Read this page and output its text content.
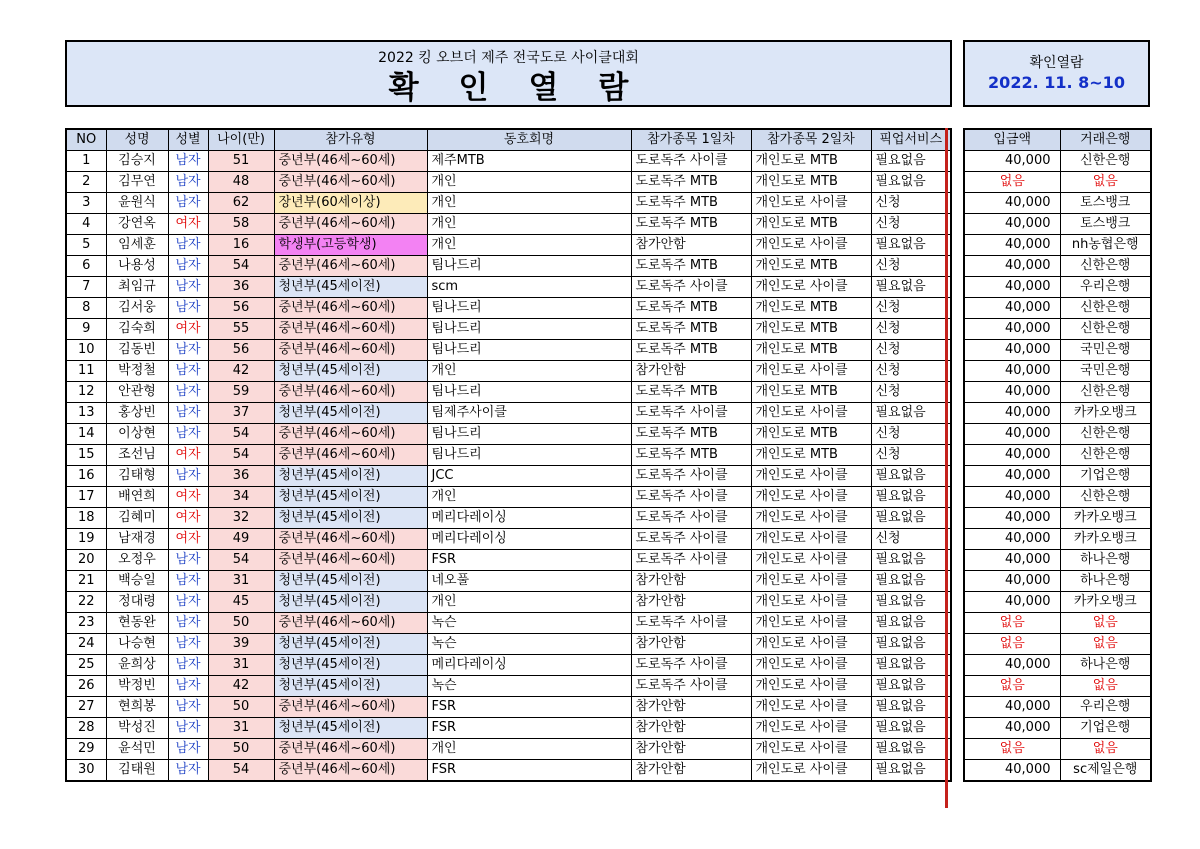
2022 킹 오브더 제주 전국도로 사이클대회
확인열람
확인열람
2022. 11. 8~10
NO	성명	성별	나이(만)	참가유형	동호회명	참가종목 1일차	참가종목 2일차	픽업서비스
1	김승지	남자	51	중년부(46세~60세)	제주MTB	도로독주 사이클	개인도로 MTB	필요없음
2	김무연	남자	48	중년부(46세~60세)	개인	도로독주 MTB	개인도로 MTB	필요없음
3	윤원식	남자	62	장년부(60세이상)	개인	도로독주 MTB	개인도로 사이클	신청
4	강연옥	여자	58	중년부(46세~60세)	개인	도로독주 MTB	개인도로 MTB	신청
5	임세훈	남자	16	학생부(고등학생)	개인	참가안함	개인도로 사이클	필요없음
6	나용성	남자	54	중년부(46세~60세)	팀나드리	도로독주 MTB	개인도로 MTB	신청
7	최임규	남자	36	청년부(45세이전)	scm	도로독주 사이클	개인도로 사이클	필요없음
8	김서웅	남자	56	중년부(46세~60세)	팀나드리	도로독주 MTB	개인도로 MTB	신청
9	김숙희	여자	55	중년부(46세~60세)	팀나드리	도로독주 MTB	개인도로 MTB	신청
10	김동빈	남자	56	중년부(46세~60세)	팀나드리	도로독주 MTB	개인도로 MTB	신청
11	박정철	남자	42	청년부(45세이전)	개인	참가안함	개인도로 사이클	신청
12	안관형	남자	59	중년부(46세~60세)	팀나드리	도로독주 MTB	개인도로 MTB	신청
13	홍상빈	남자	37	청년부(45세이전)	팀제주사이클	도로독주 사이클	개인도로 사이클	필요없음
14	이상현	남자	54	중년부(46세~60세)	팀나드리	도로독주 MTB	개인도로 MTB	신청
15	조선님	여자	54	중년부(46세~60세)	팀나드리	도로독주 MTB	개인도로 MTB	신청
16	김태형	남자	36	청년부(45세이전)	JCC	도로독주 사이클	개인도로 사이클	필요없음
17	배연희	여자	34	청년부(45세이전)	개인	도로독주 사이클	개인도로 사이클	필요없음
18	김혜미	여자	32	청년부(45세이전)	메리다레이싱	도로독주 사이클	개인도로 사이클	필요없음
19	남재경	여자	49	중년부(46세~60세)	메리다레이싱	도로독주 사이클	개인도로 사이클	신청
20	오정우	남자	54	중년부(46세~60세)	FSR	도로독주 사이클	개인도로 사이클	필요없음
21	백승일	남자	31	청년부(45세이전)	네오풀	참가안함	개인도로 사이클	필요없음
22	정대령	남자	45	청년부(45세이전)	개인	참가안함	개인도로 사이클	필요없음
23	현동완	남자	50	중년부(46세~60세)	녹슨	도로독주 사이클	개인도로 사이클	필요없음
24	나승현	남자	39	청년부(45세이전)	녹슨	참가안함	개인도로 사이클	필요없음
25	윤희상	남자	31	청년부(45세이전)	메리다레이싱	도로독주 사이클	개인도로 사이클	필요없음
26	박정빈	남자	42	청년부(45세이전)	녹슨	도로독주 사이클	개인도로 사이클	필요없음
27	현희봉	남자	50	중년부(46세~60세)	FSR	참가안함	개인도로 사이클	필요없음
28	박성진	남자	31	청년부(45세이전)	FSR	참가안함	개인도로 사이클	필요없음
29	윤석민	남자	50	중년부(46세~60세)	개인	참가안함	개인도로 사이클	필요없음
30	김태원	남자	54	중년부(46세~60세)	FSR	참가안함	개인도로 사이클	필요없음
입금액	거래은행
40,000	신한은행
없음	없음
40,000	토스뱅크
40,000	토스뱅크
40,000	nh농협은행
40,000	신한은행
40,000	우리은행
40,000	신한은행
40,000	신한은행
40,000	국민은행
40,000	국민은행
40,000	신한은행
40,000	카카오뱅크
40,000	신한은행
40,000	신한은행
40,000	기업은행
40,000	신한은행
40,000	카카오뱅크
40,000	카카오뱅크
40,000	하나은행
40,000	하나은행
40,000	카카오뱅크
없음	없음
없음	없음
40,000	하나은행
없음	없음
40,000	우리은행
40,000	기업은행
없음	없음
40,000	sc제일은행
